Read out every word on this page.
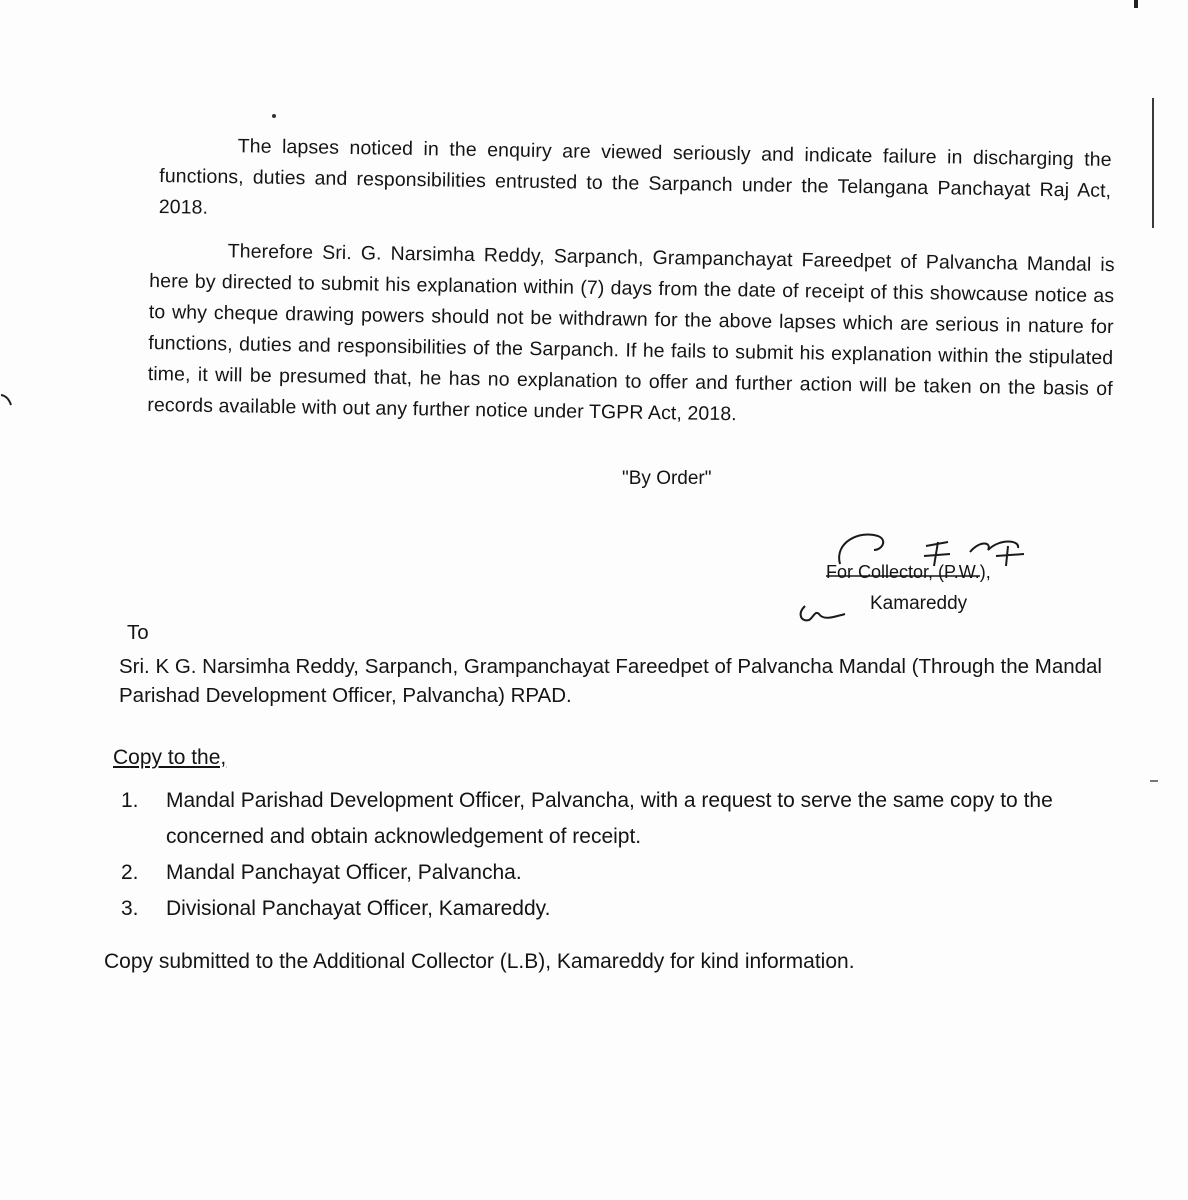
The lapses noticed in the enquiry are viewed seriously and indicate failure in discharging the functions, duties and responsibilities entrusted to the Sarpanch under the Telangana Panchayat Raj Act, 2018.

Therefore Sri. G. Narsimha Reddy, Sarpanch, Grampanchayat Fareedpet of Palvancha Mandal is here by directed to submit his explanation within (7) days from the date of receipt of this showcause notice as to why cheque drawing powers should not be withdrawn for the above lapses which are serious in nature for functions, duties and responsibilities of the Sarpanch. If he fails to submit his explanation within the stipulated time, it will be presumed that, he has no explanation to offer and further action will be taken on the basis of records available with out any further notice under TGPR Act, 2018.

"By Order"
For Collector, (P.W.),
Kamareddy
To
Sri. K G. Narsimha Reddy, Sarpanch, Grampanchayat Fareedpet of Palvancha Mandal (Through the Mandal Parishad Development Officer, Palvancha) RPAD.
Copy to the,
1.	Mandal Parishad Development Officer, Palvancha, with a request to serve the same copy to the concerned and obtain acknowledgement of receipt.
2.	Mandal Panchayat Officer, Palvancha.
3.	Divisional Panchayat Officer, Kamareddy.
Copy submitted to the Additional Collector (L.B), Kamareddy for kind information.
